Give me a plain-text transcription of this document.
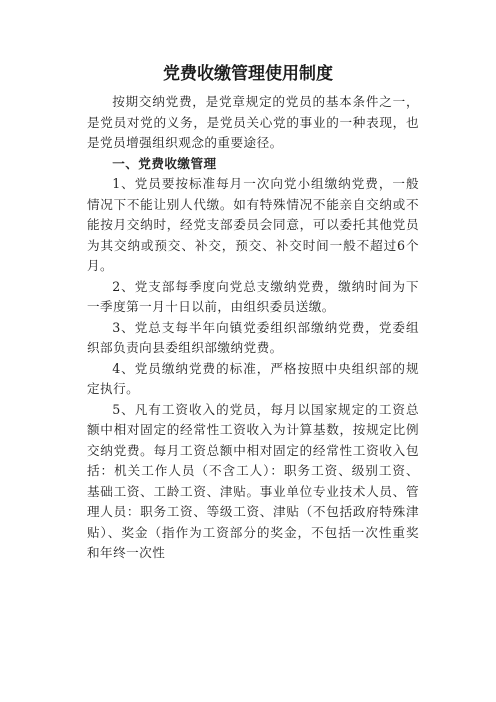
党费收缴管理使用制度

按期交纳党费，是党章规定的党员的基本条件之一，是党员对党的义务，是党员关心党的事业的一种表现，也是党员增强组织观念的重要途径。

一、党费收缴管理

1、党员要按标准每月一次向党小组缴纳党费，一般情况下不能让别人代缴。如有特殊情况不能亲自交纳或不能按月交纳时，经党支部委员会同意，可以委托其他党员为其交纳或预交、补交，预交、补交时间一般不超过6个月。

2、党支部每季度向党总支缴纳党费，缴纳时间为下一季度第一月十日以前，由组织委员送缴。

3、党总支每半年向镇党委组织部缴纳党费，党委组织部负责向县委组织部缴纳党费。

4、党员缴纳党费的标准，严格按照中央组织部的规定执行。

5、凡有工资收入的党员，每月以国家规定的工资总额中相对固定的经常性工资收入为计算基数，按规定比例交纳党费。每月工资总额中相对固定的经常性工资收入包括：机关工作人员（不含工人）：职务工资、级别工资、基础工资、工龄工资、津贴。事业单位专业技术人员、管理人员：职务工资、等级工资、津贴（不包括政府特殊津贴）、奖金（指作为工资部分的奖金，不包括一次性重奖和年终一次性
